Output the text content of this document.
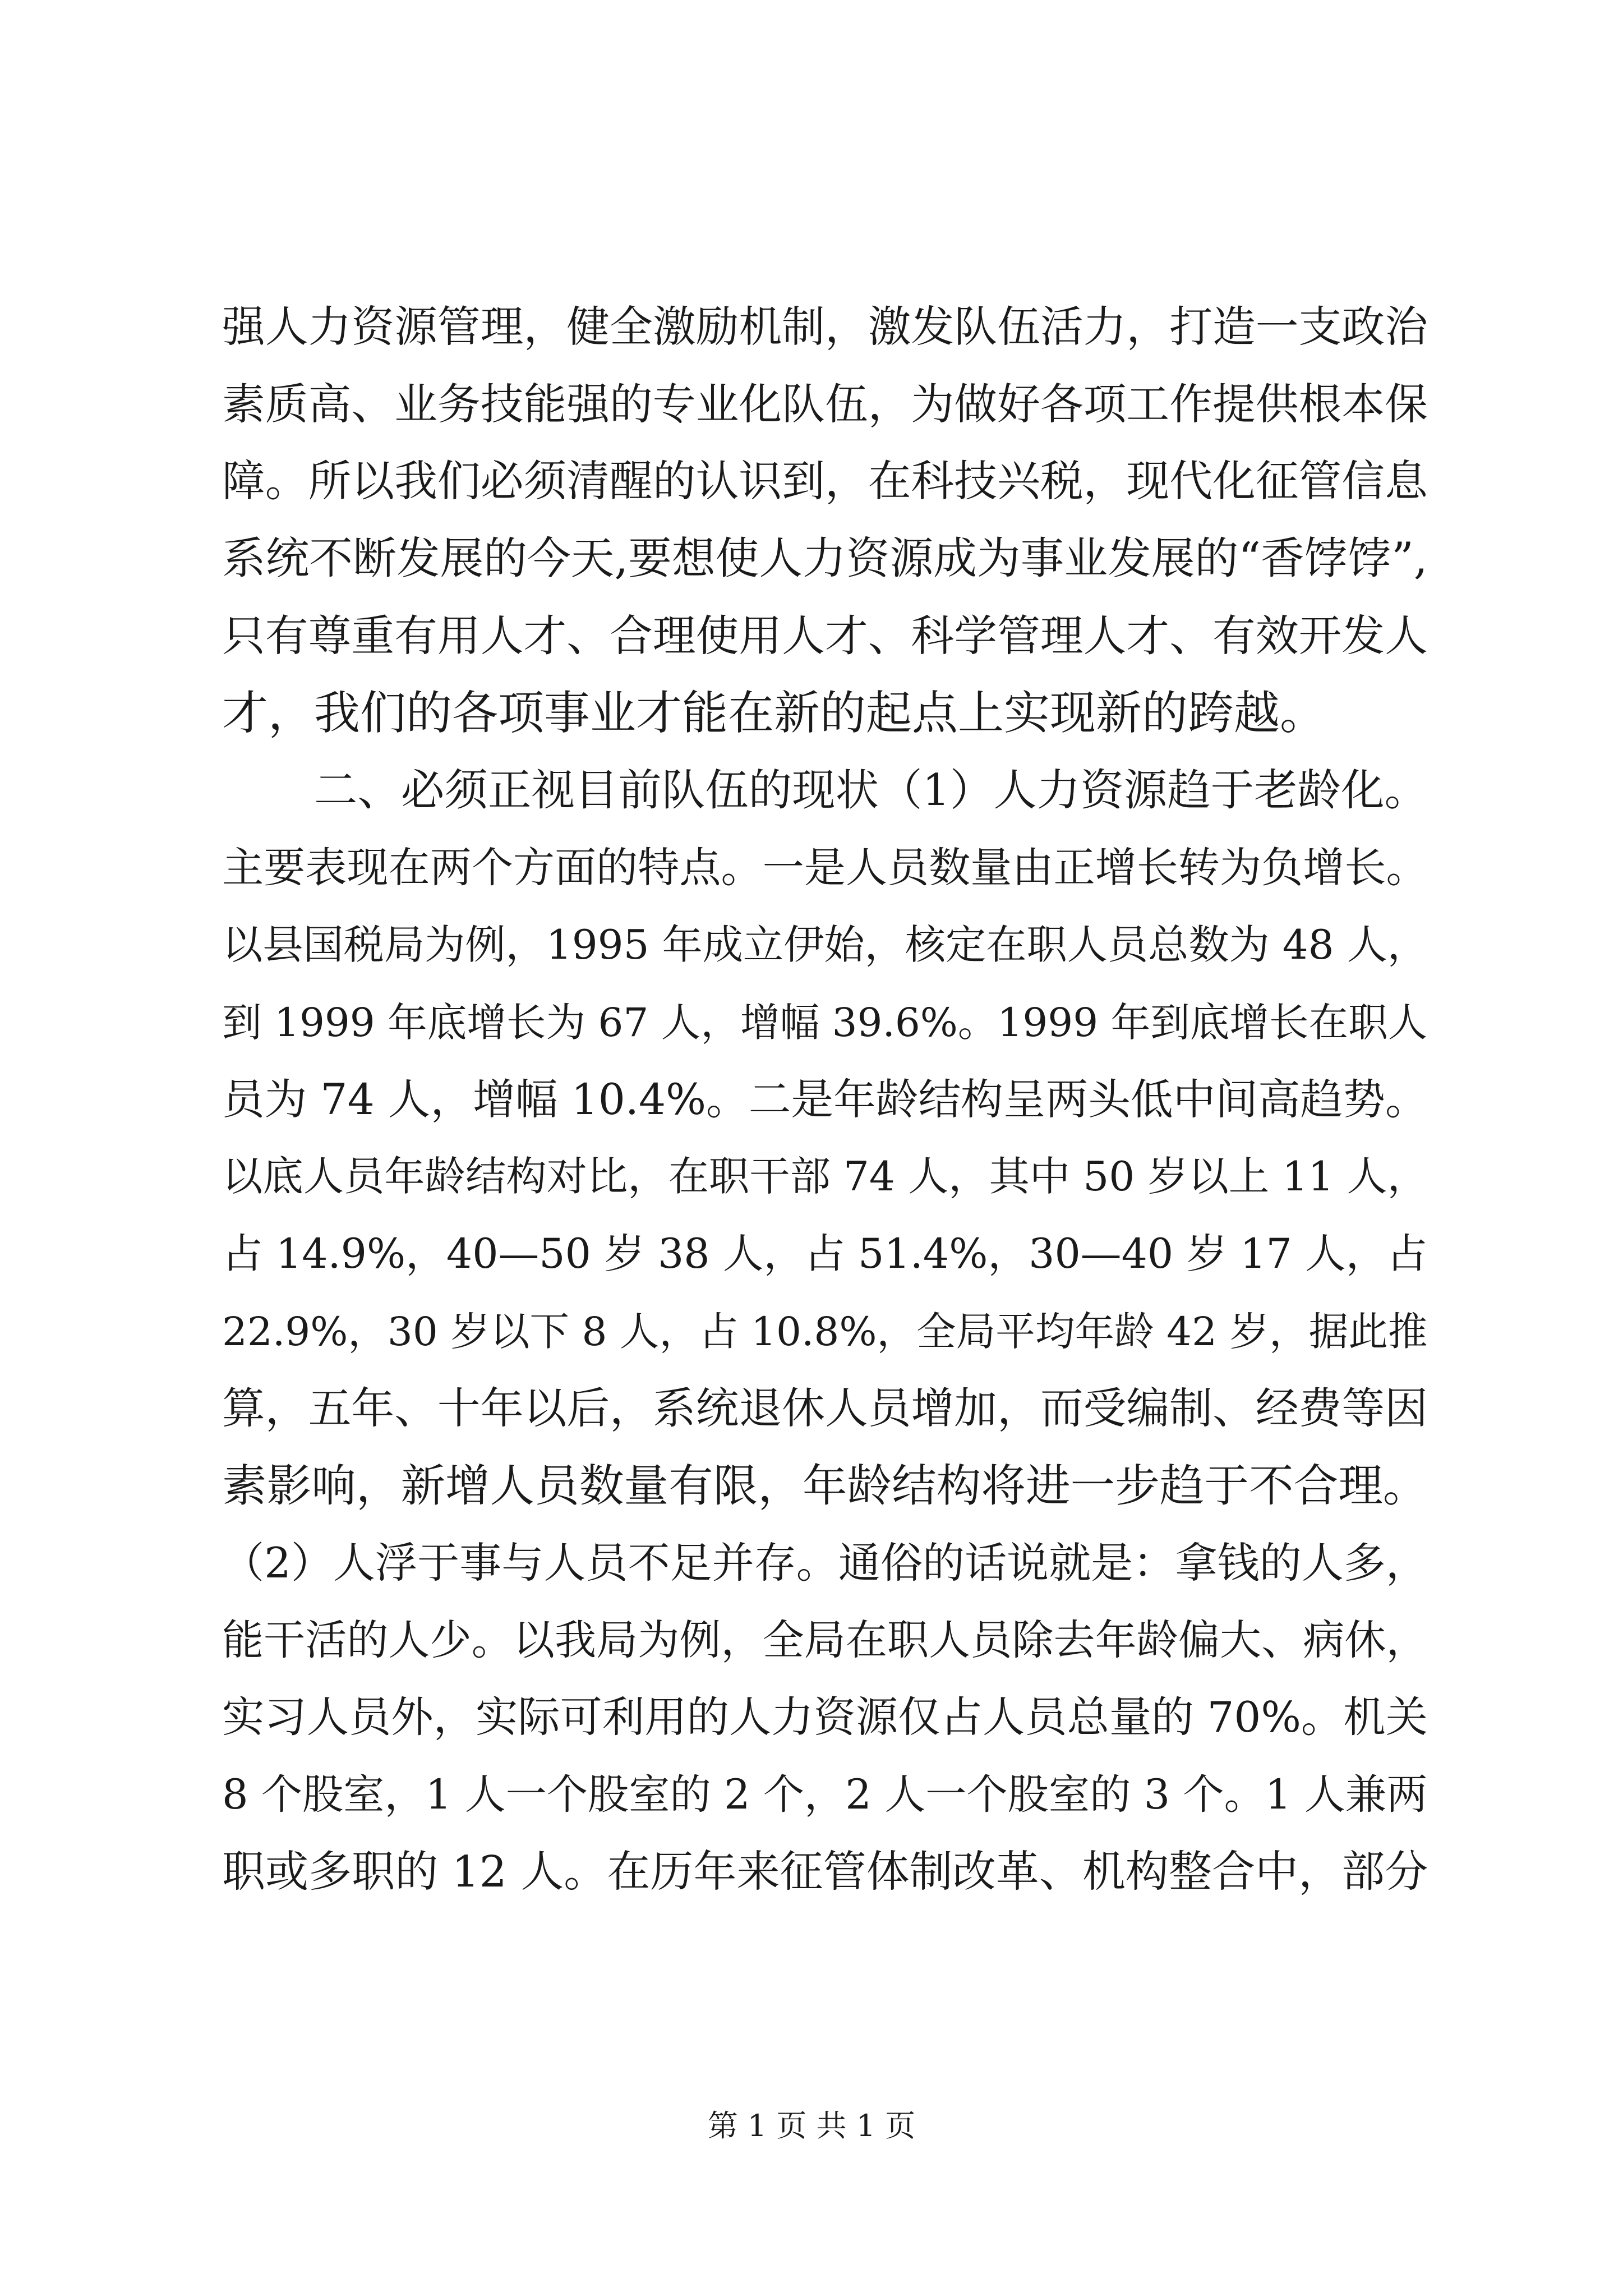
强人力资源管理，健全激励机制，激发队伍活力，打造一支政治
素质高、业务技能强的专业化队伍，为做好各项工作提供根本保
障。所以我们必须清醒的认识到，在科技兴税，现代化征管信息
系统不断发展的今天,要想使人力资源成为事业发展的“香饽饽”,
只有尊重有用人才、合理使用人才、科学管理人才、有效开发人
才，我们的各项事业才能在新的起点上实现新的跨越。
二、必须正视目前队伍的现状（1）人力资源趋于老龄化。
主要表现在两个方面的特点。一是人员数量由正增长转为负增长。
以县国税局为例，1995 年成立伊始，核定在职人员总数为 48 人，
到 1999 年底增长为 67 人，增幅 39.6%。1999 年到底增长在职人
员为 74 人，增幅 10.4%。二是年龄结构呈两头低中间高趋势。
以底人员年龄结构对比，在职干部 74 人，其中 50 岁以上 11 人，
占 14.9%，40—50 岁 38 人，占 51.4%，30—40 岁 17 人，占
22.9%，30 岁以下 8 人，占 10.8%，全局平均年龄 42 岁，据此推
算，五年、十年以后，系统退休人员增加，而受编制、经费等因
素影响，新增人员数量有限，年龄结构将进一步趋于不合理。
（2）人浮于事与人员不足并存。通俗的话说就是：拿钱的人多，
能干活的人少。以我局为例，全局在职人员除去年龄偏大、病休，
实习人员外，实际可利用的人力资源仅占人员总量的 70%。机关
8 个股室，1 人一个股室的 2 个，2 人一个股室的 3 个。1 人兼两
职或多职的 12 人。在历年来征管体制改革、机构整合中，部分
第 1 页 共 1 页
